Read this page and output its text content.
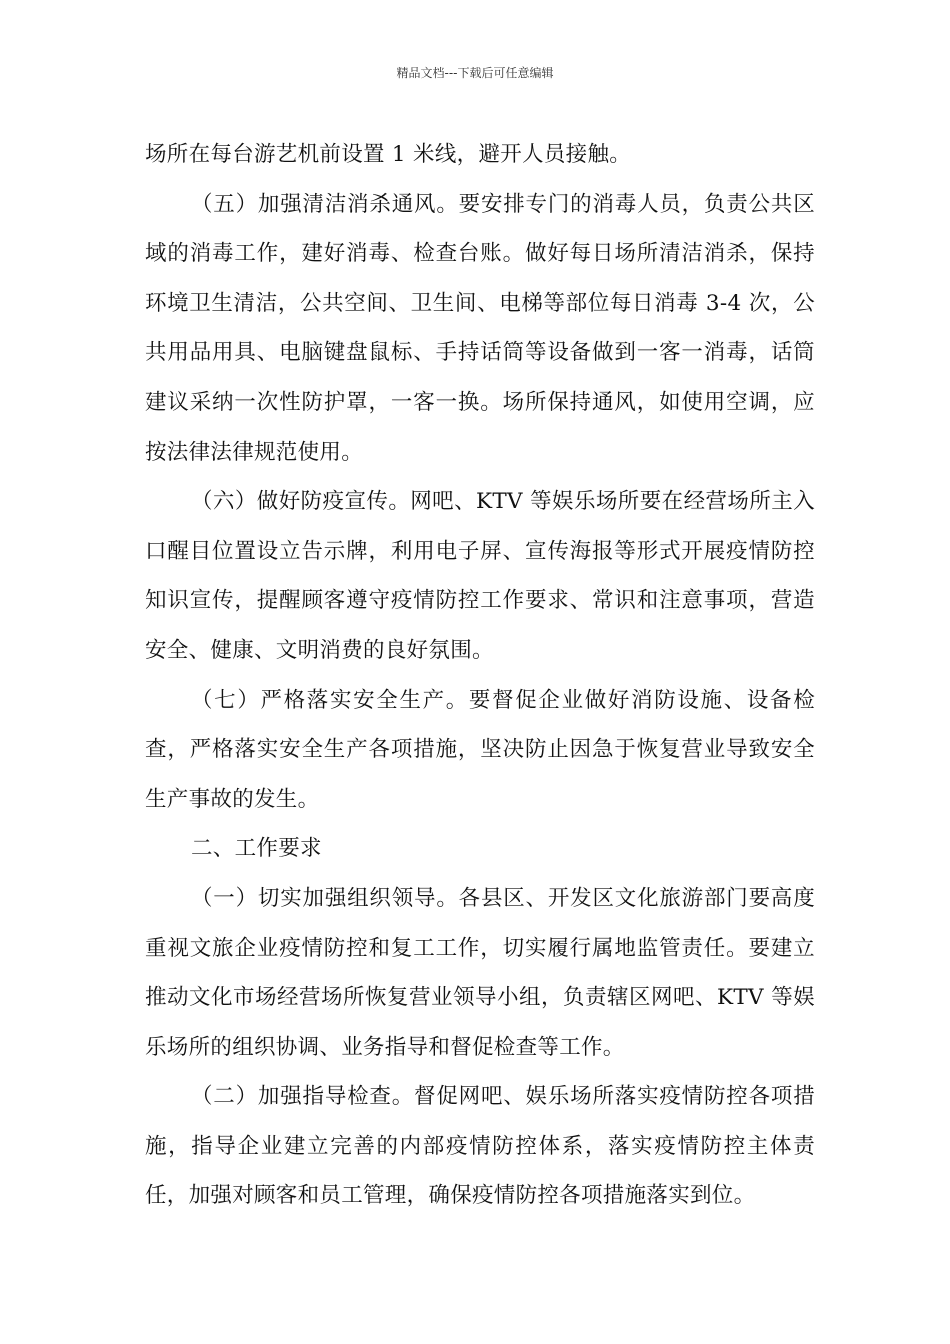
精品文档---下载后可任意编辑

场所在每台游艺机前设置 1 米线，避开人员接触。

（五）加强清洁消杀通风。要安排专门的消毒人员，负责公共区域的消毒工作，建好消毒、检查台账。做好每日场所清洁消杀，保持环境卫生清洁，公共空间、卫生间、电梯等部位每日消毒 3-4 次，公共用品用具、电脑键盘鼠标、手持话筒等设备做到一客一消毒，话筒建议采纳一次性防护罩，一客一换。场所保持通风，如使用空调，应按法律法律规范使用。

（六）做好防疫宣传。网吧、KTV 等娱乐场所要在经营场所主入口醒目位置设立告示牌，利用电子屏、宣传海报等形式开展疫情防控知识宣传，提醒顾客遵守疫情防控工作要求、常识和注意事项，营造安全、健康、文明消费的良好氛围。

（七）严格落实安全生产。要督促企业做好消防设施、设备检查，严格落实安全生产各项措施，坚决防止因急于恢复营业导致安全生产事故的发生。

二、工作要求

（一）切实加强组织领导。各县区、开发区文化旅游部门要高度重视文旅企业疫情防控和复工工作，切实履行属地监管责任。要建立推动文化市场经营场所恢复营业领导小组，负责辖区网吧、KTV 等娱乐场所的组织协调、业务指导和督促检查等工作。

（二）加强指导检查。督促网吧、娱乐场所落实疫情防控各项措施，指导企业建立完善的内部疫情防控体系，落实疫情防控主体责任，加强对顾客和员工管理，确保疫情防控各项措施落实到位。
